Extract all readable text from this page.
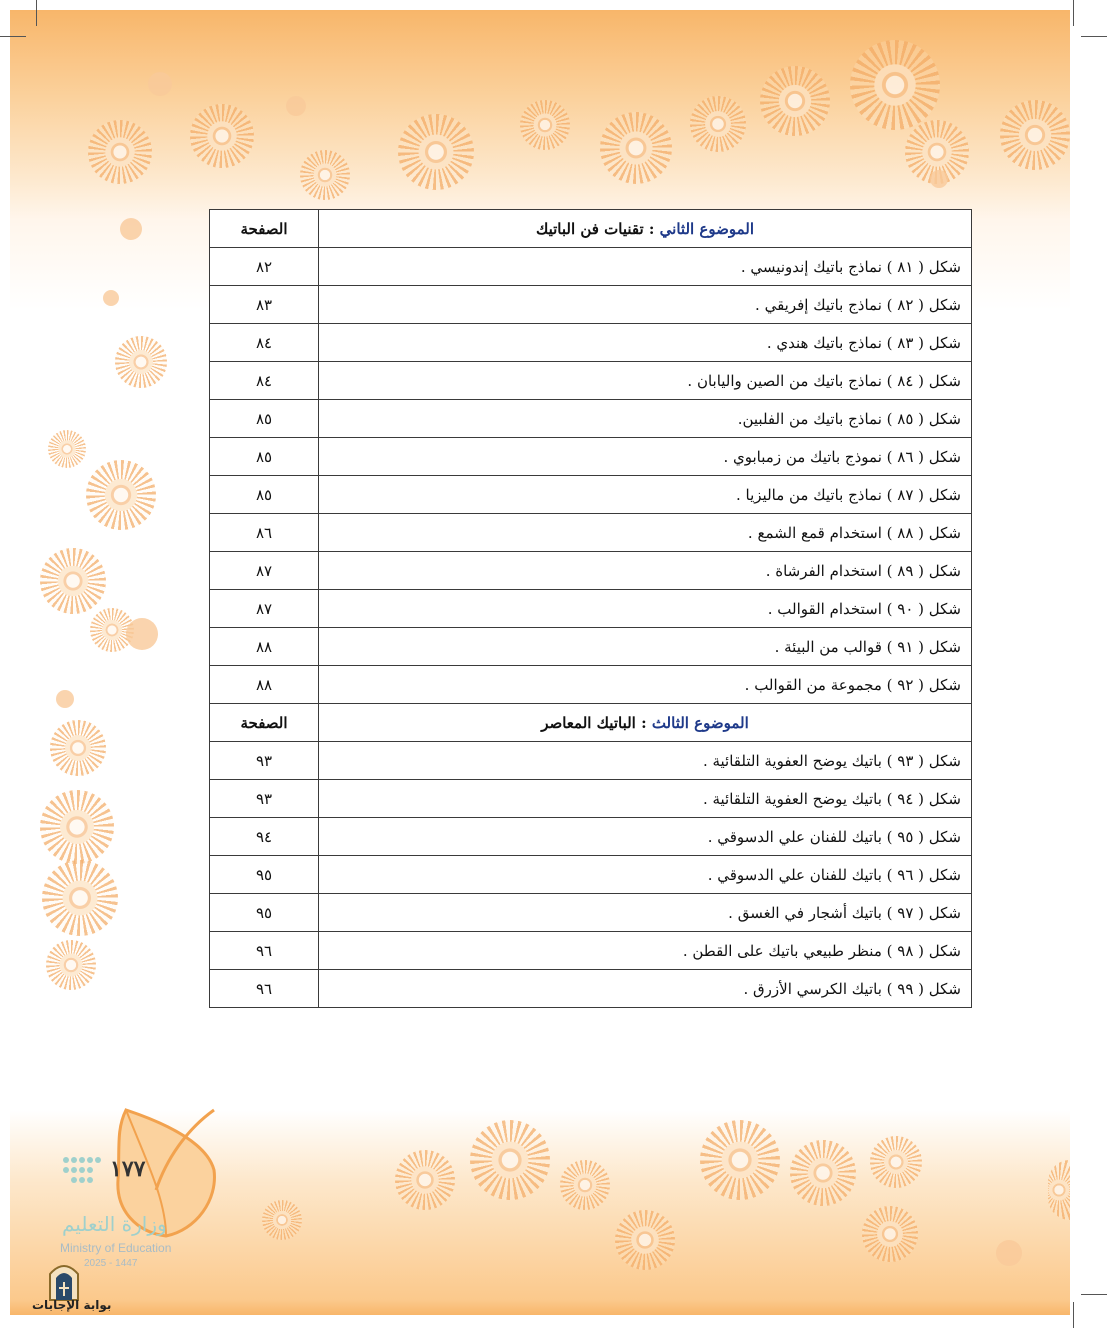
الموضوع الثاني : تقنيات فن الباتيك	الصفحة
شكل ( ٨١ ) نماذج باتيك إندونيسي .	٨٢
شكل ( ٨٢ ) نماذج باتيك إفريقي .	٨٣
شكل ( ٨٣ ) نماذج باتيك هندي .	٨٤
شكل ( ٨٤ ) نماذج باتيك من الصين واليابان .	٨٤
شكل ( ٨٥ ) نماذج باتيك من الفلبين.	٨٥
شكل ( ٨٦ ) نموذج باتيك من زمبابوي .	٨٥
شكل ( ٨٧ ) نماذج باتيك من ماليزيا .	٨٥
شكل ( ٨٨ ) استخدام قمع الشمع .	٨٦
شكل ( ٨٩ ) استخدام الفرشاة .	٨٧
شكل ( ٩٠ ) استخدام القوالب .	٨٧
شكل ( ٩١ ) قوالب من البيئة .	٨٨
شكل ( ٩٢ ) مجموعة من القوالب .	٨٨
الموضوع الثالث : الباتيك المعاصر	الصفحة
شكل ( ٩٣ ) باتيك يوضح العفوية التلقائية .	٩٣
شكل ( ٩٤ ) باتيك يوضح العفوية التلقائية .	٩٣
شكل ( ٩٥ ) باتيك للفنان علي الدسوقي .	٩٤
شكل ( ٩٦ ) باتيك للفنان علي الدسوقي .	٩٥
شكل ( ٩٧ ) باتيك أشجار في الغسق .	٩٥
شكل ( ٩٨ ) منظر طبيعي باتيك على القطن .	٩٦
شكل ( ٩٩ ) باتيك الكرسي الأزرق .	٩٦
١٧٧
وزارة التعليم
Ministry of Education
2025 - 1447
بوابة الإجابات
